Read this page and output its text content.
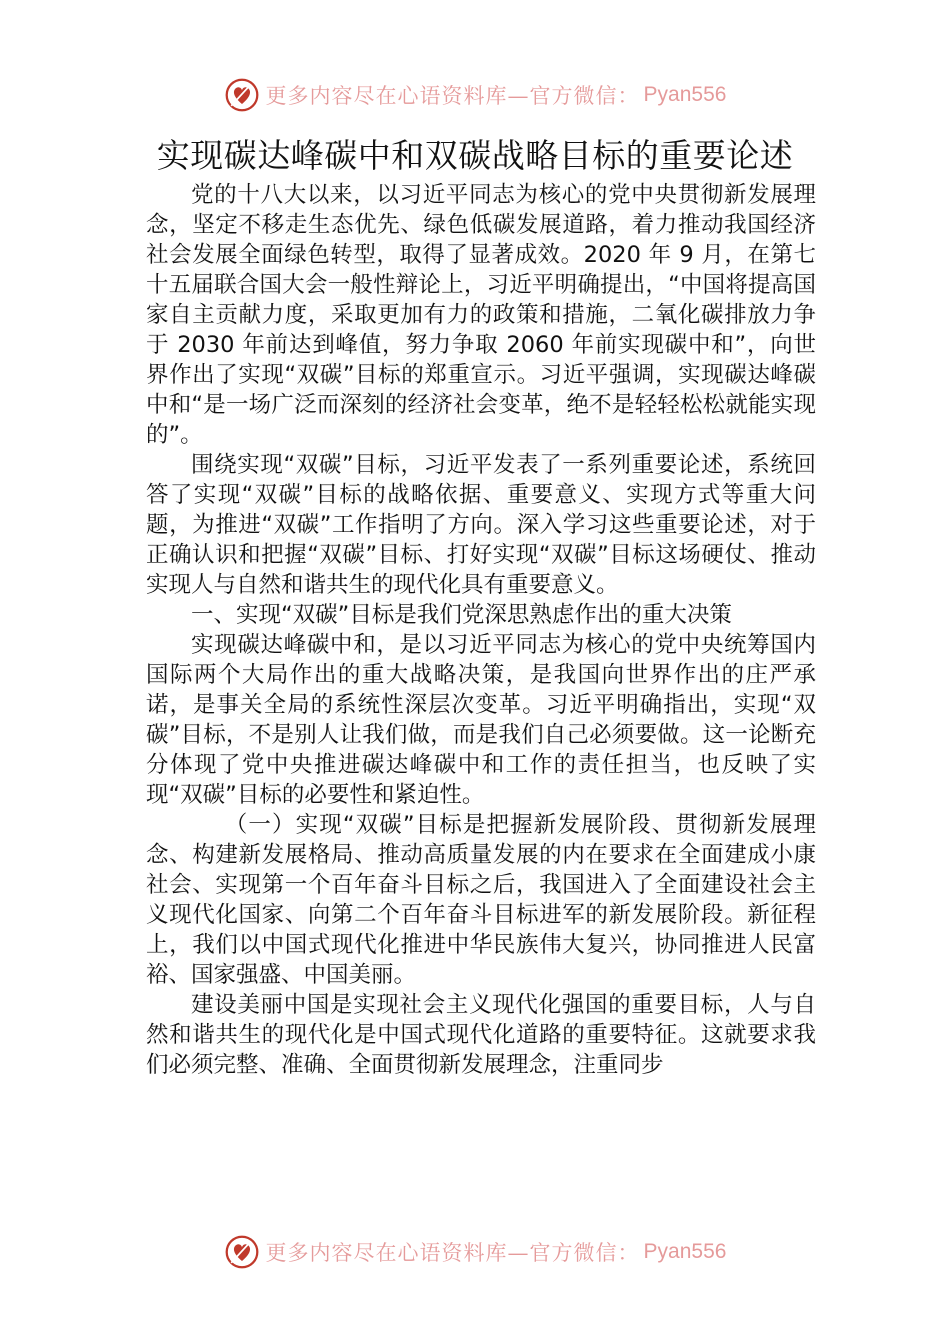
更多内容尽在心语资料库—官方微信： Pyan556
实现碳达峰碳中和双碳战略目标的重要论述

党的十八大以来，以习近平同志为核心的党中央贯彻新发展理念，坚定不移走生态优先、绿色低碳发展道路，着力推动我国经济社会发展全面绿色转型，取得了显著成效。2020 年 9 月，在第七十五届联合国大会一般性辩论上，习近平明确提出，“中国将提高国家自主贡献力度，采取更加有力的政策和措施，二氧化碳排放力争于 2030 年前达到峰值，努力争取 2060 年前实现碳中和”，向世界作出了实现“双碳”目标的郑重宣示。习近平强调，实现碳达峰碳中和“是一场广泛而深刻的经济社会变革，绝不是轻轻松松就能实现的”。

围绕实现“双碳”目标，习近平发表了一系列重要论述，系统回答了实现“双碳”目标的战略依据、重要意义、实现方式等重大问题，为推进“双碳”工作指明了方向。深入学习这些重要论述，对于正确认识和把握“双碳”目标、打好实现“双碳”目标这场硬仗、推动实现人与自然和谐共生的现代化具有重要意义。

一、实现“双碳”目标是我们党深思熟虑作出的重大决策

实现碳达峰碳中和，是以习近平同志为核心的党中央统筹国内国际两个大局作出的重大战略决策，是我国向世界作出的庄严承诺，是事关全局的系统性深层次变革。习近平明确指出，实现“双碳”目标，不是别人让我们做，而是我们自己必须要做。这一论断充分体现了党中央推进碳达峰碳中和工作的责任担当，也反映了实现“双碳”目标的必要性和紧迫性。

（一）实现“双碳”目标是把握新发展阶段、贯彻新发展理念、构建新发展格局、推动高质量发展的内在要求在全面建成小康社会、实现第一个百年奋斗目标之后，我国进入了全面建设社会主义现代化国家、向第二个百年奋斗目标进军的新发展阶段。新征程上，我们以中国式现代化推进中华民族伟大复兴，协同推进人民富裕、国家强盛、中国美丽。

建设美丽中国是实现社会主义现代化强国的重要目标，人与自然和谐共生的现代化是中国式现代化道路的重要特征。这就要求我们必须完整、准确、全面贯彻新发展理念，注重同步

更多内容尽在心语资料库—官方微信： Pyan556
